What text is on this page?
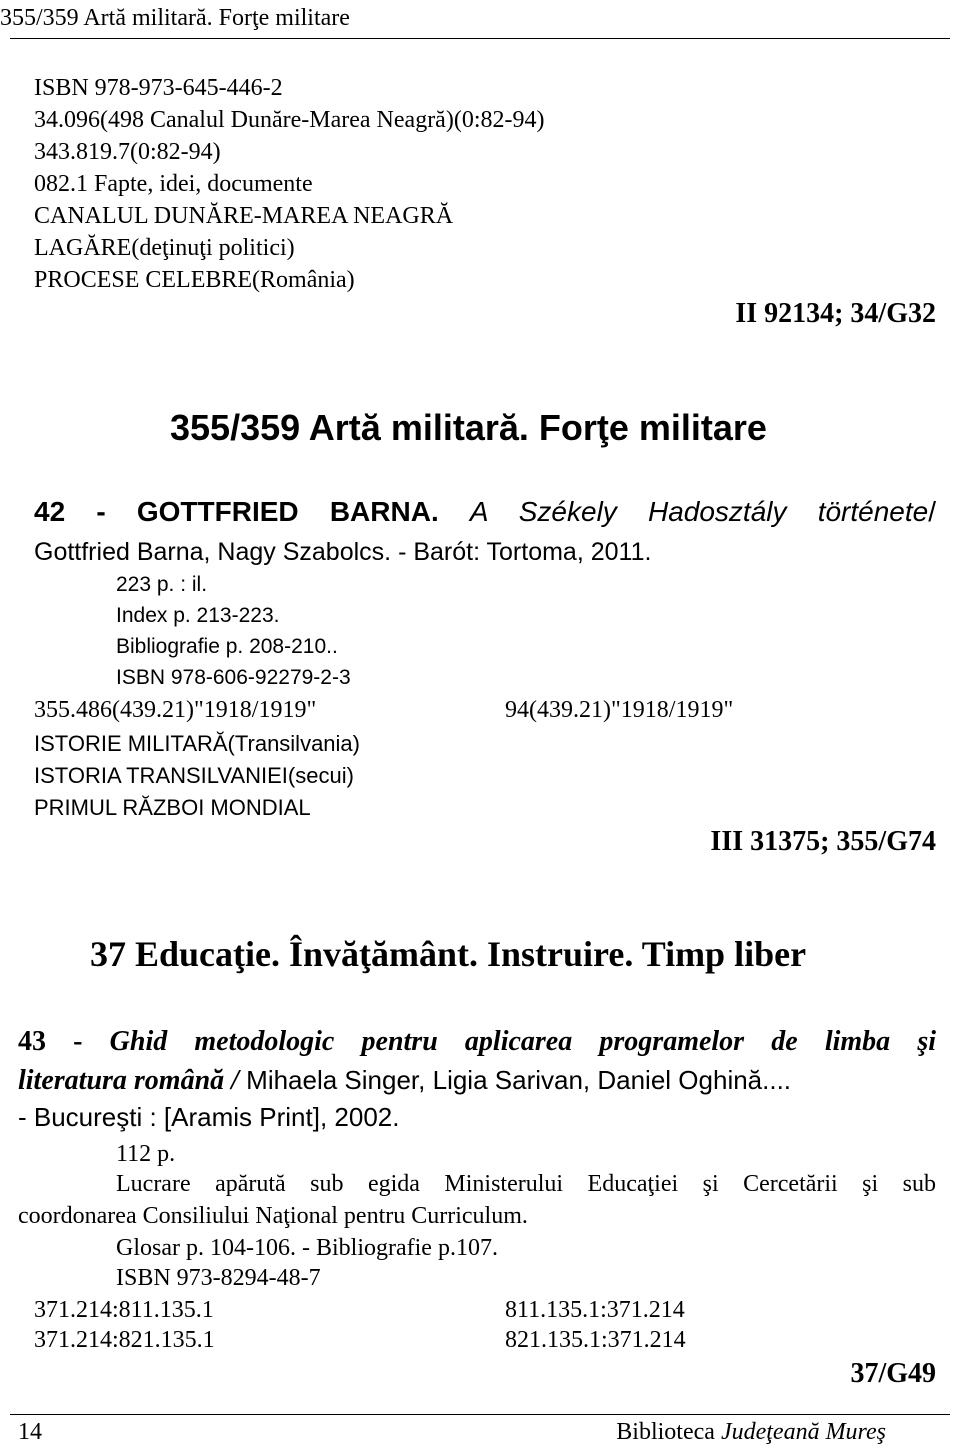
355/359 Artă militară. Forţe militare
ISBN 978-973-645-446-2
34.096(498 Canalul Dunăre-Marea Neagră)(0:82-94)
343.819.7(0:82-94)
082.1 Fapte, idei, documente
CANALUL DUNĂRE-MAREA NEAGRĂ
LAGĂRE(deţinuţi politici)
PROCESE CELEBRE(România)
II 92134; 34/G32
355/359 Artă militară. Forţe militare
42 - GOTTFRIED BARNA. A Székely Hadosztály története/
Gottfried Barna, Nagy Szabolcs. - Barót: Tortoma, 2011.
223 p. : il.
Index p. 213-223.
Bibliografie p. 208-210..
ISBN 978-606-92279-2-3
355.486(439.21)"1918/1919"	94(439.21)"1918/1919"
ISTORIE MILITARĂ(Transilvania)
ISTORIA TRANSILVANIEI(secui)
PRIMUL RĂZBOI MONDIAL
III 31375; 355/G74
37 Educaţie. Învăţământ. Instruire. Timp liber
43 - Ghid metodologic pentru aplicarea programelor de limba şi
literatura română / Mihaela Singer, Ligia Sarivan, Daniel Oghină....
- Bucureşti : [Aramis Print], 2002.
112 p.
Lucrare apărută sub egida Ministerului Educaţiei şi Cercetării şi sub
coordonarea Consiliului Naţional pentru Curriculum.
Glosar p. 104-106. - Bibliografie p.107.
ISBN 973-8294-48-7
371.214:811.135.1	811.135.1:371.214
371.214:821.135.1	821.135.1:371.214
37/G49
14	Biblioteca Judeţeană Mureş
